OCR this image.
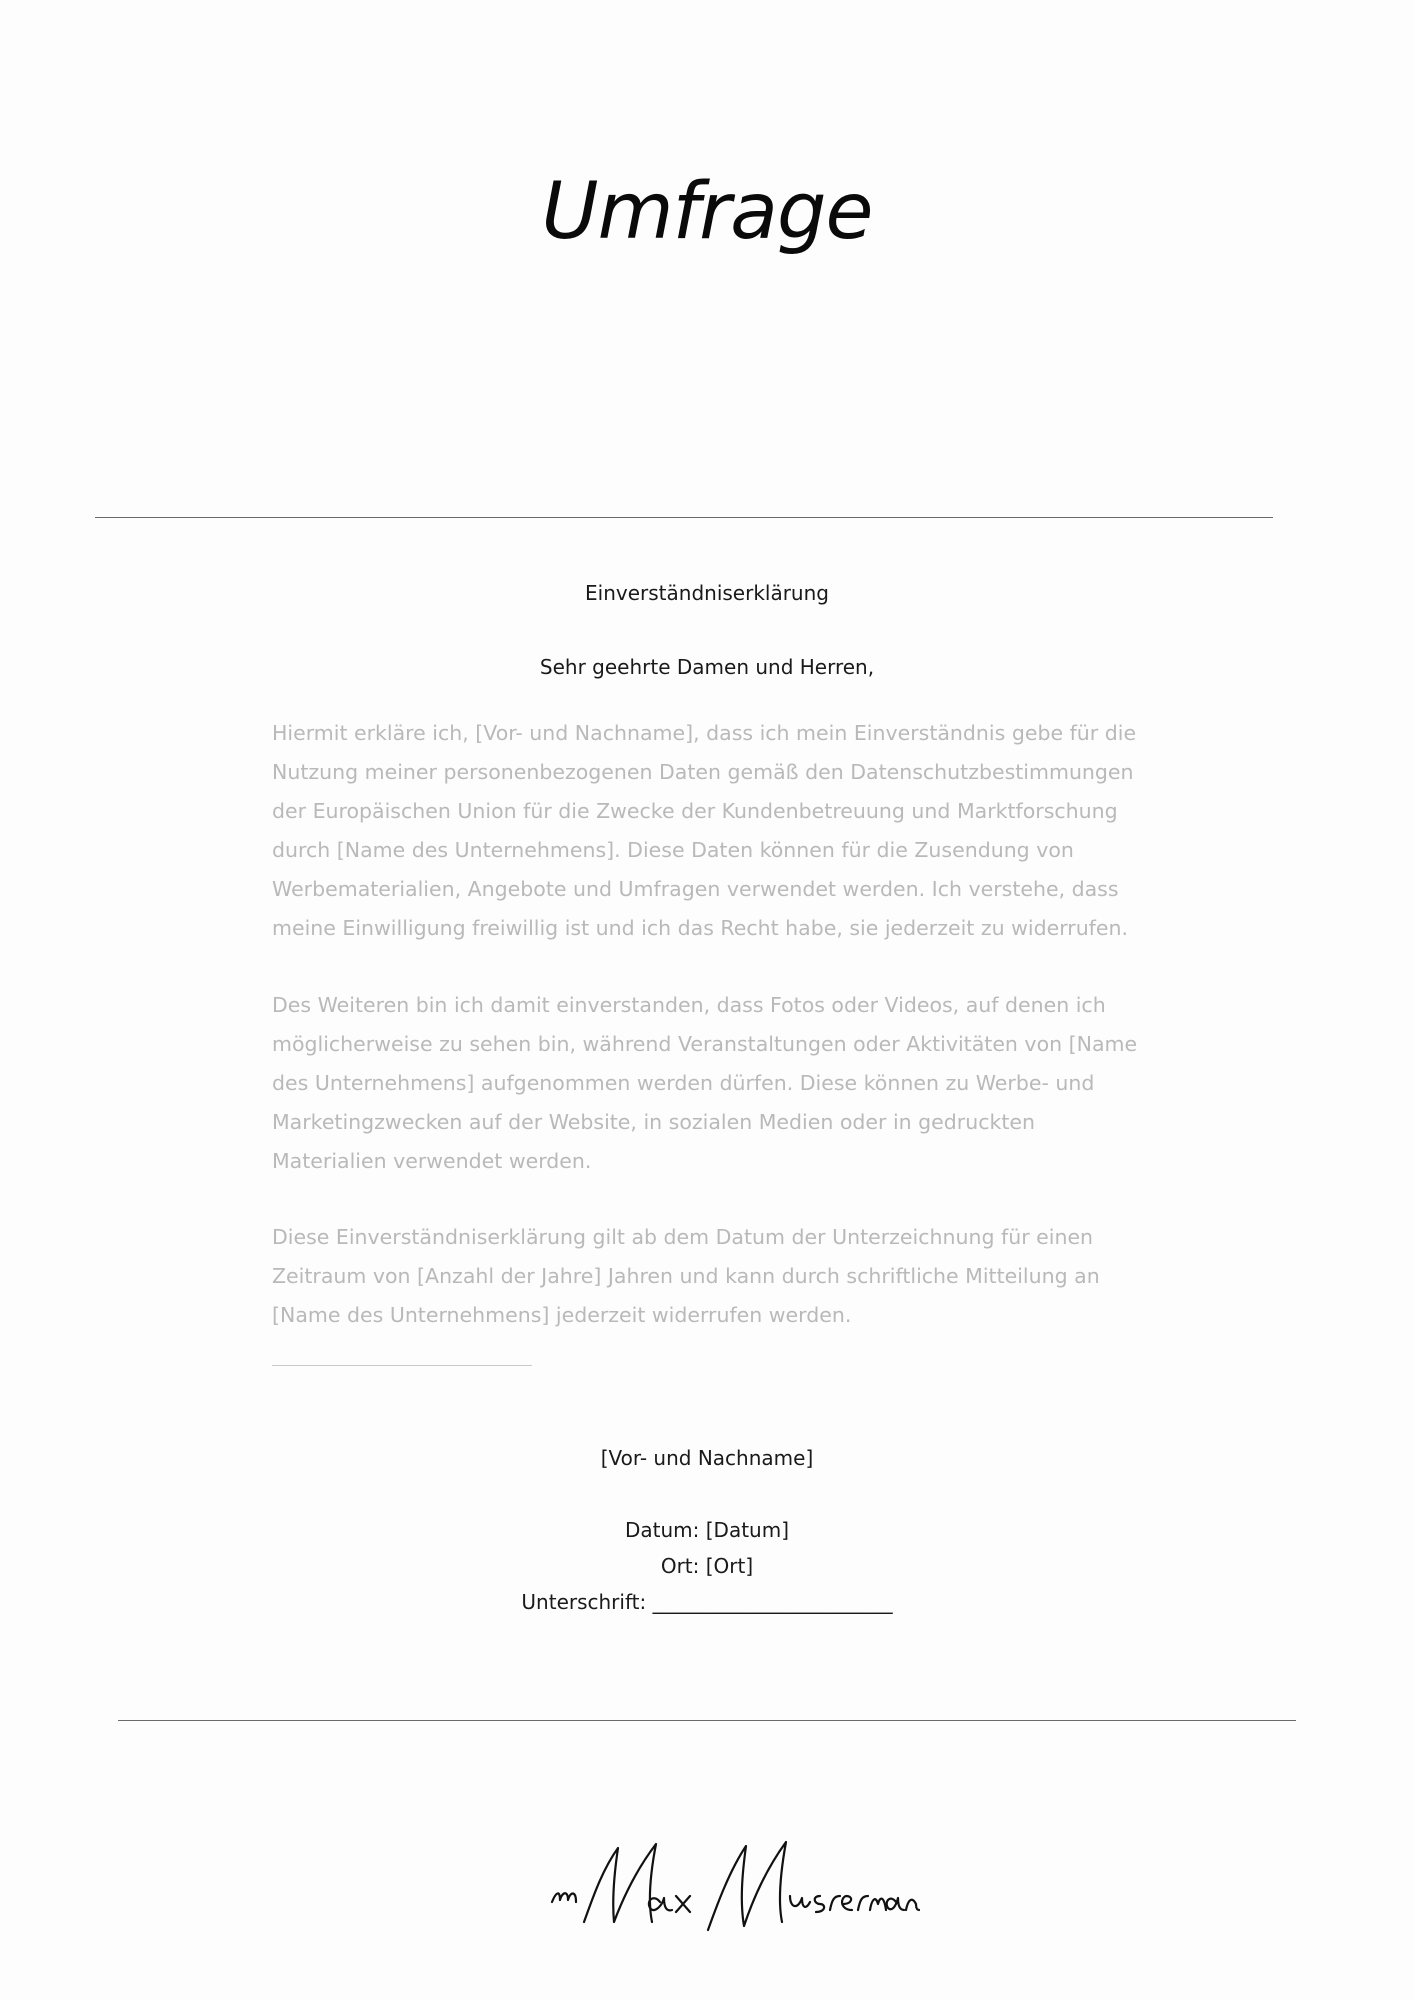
Umfrage
Einverständniserklärung
Sehr geehrte Damen und Herren,
Hiermit erkläre ich, [Vor- und Nachname], dass ich mein Einverständnis gebe für die
Nutzung meiner personenbezogenen Daten gemäß den Datenschutzbestimmungen
der Europäischen Union für die Zwecke der Kundenbetreuung und Marktforschung
durch [Name des Unternehmens]. Diese Daten können für die Zusendung von
Werbematerialien, Angebote und Umfragen verwendet werden. Ich verstehe, dass
meine Einwilligung freiwillig ist und ich das Recht habe, sie jederzeit zu widerrufen.
Des Weiteren bin ich damit einverstanden, dass Fotos oder Videos, auf denen ich
möglicherweise zu sehen bin, während Veranstaltungen oder Aktivitäten von [Name
des Unternehmens] aufgenommen werden dürfen. Diese können zu Werbe- und
Marketingzwecken auf der Website, in sozialen Medien oder in gedruckten
Materialien verwendet werden.
Diese Einverständniserklärung gilt ab dem Datum der Unterzeichnung für einen
Zeitraum von [Anzahl der Jahre] Jahren und kann durch schriftliche Mitteilung an
[Name des Unternehmens] jederzeit widerrufen werden.
[Vor- und Nachname]
Datum: [Datum]
Ort: [Ort]
Unterschrift: ________________________
